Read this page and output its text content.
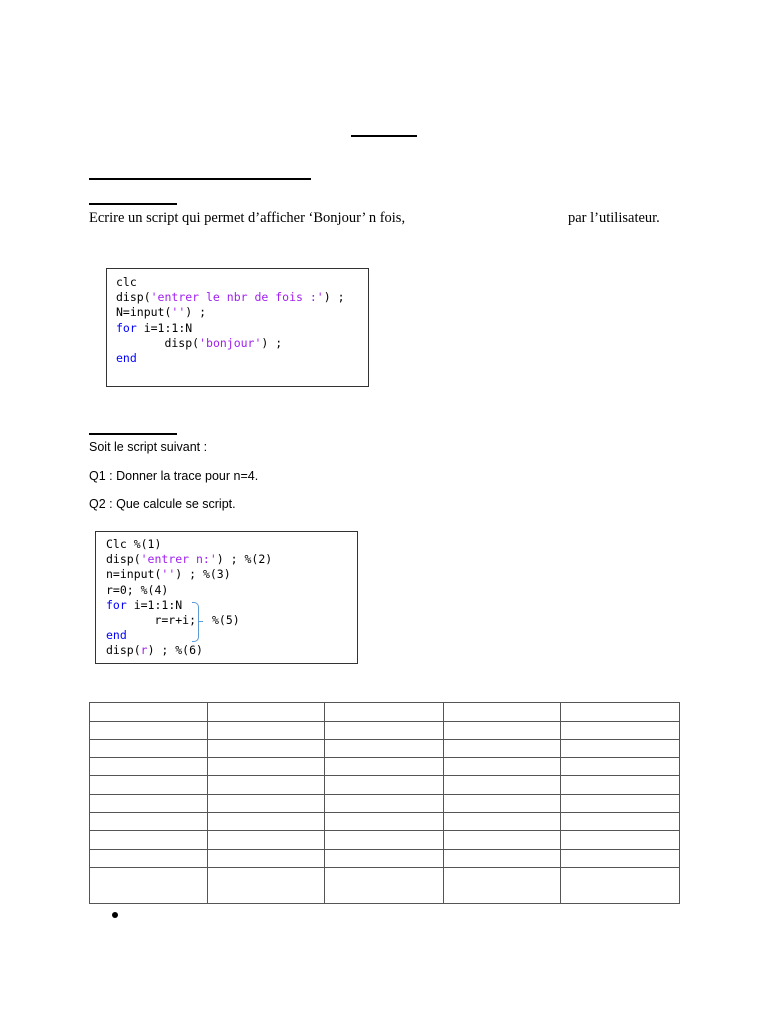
Ecrire un script qui permet d’afficher ‘Bonjour’ n fois,	par l’utilisateur.
clc
disp('entrer le nbr de fois :') ;
N=input('') ;
for i=1:1:N
disp('bonjour') ;
end
Soit le script suivant :
Q1 : Donner la trace pour n=4.
Q2 : Que calcule se script.
Clc %(1)
disp('entrer n:') ; %(2)
n=input('') ; %(3)
r=0; %(4)
for i=1:1:N
r=r+i;
end
disp(r) ; %(6)
%(5)
